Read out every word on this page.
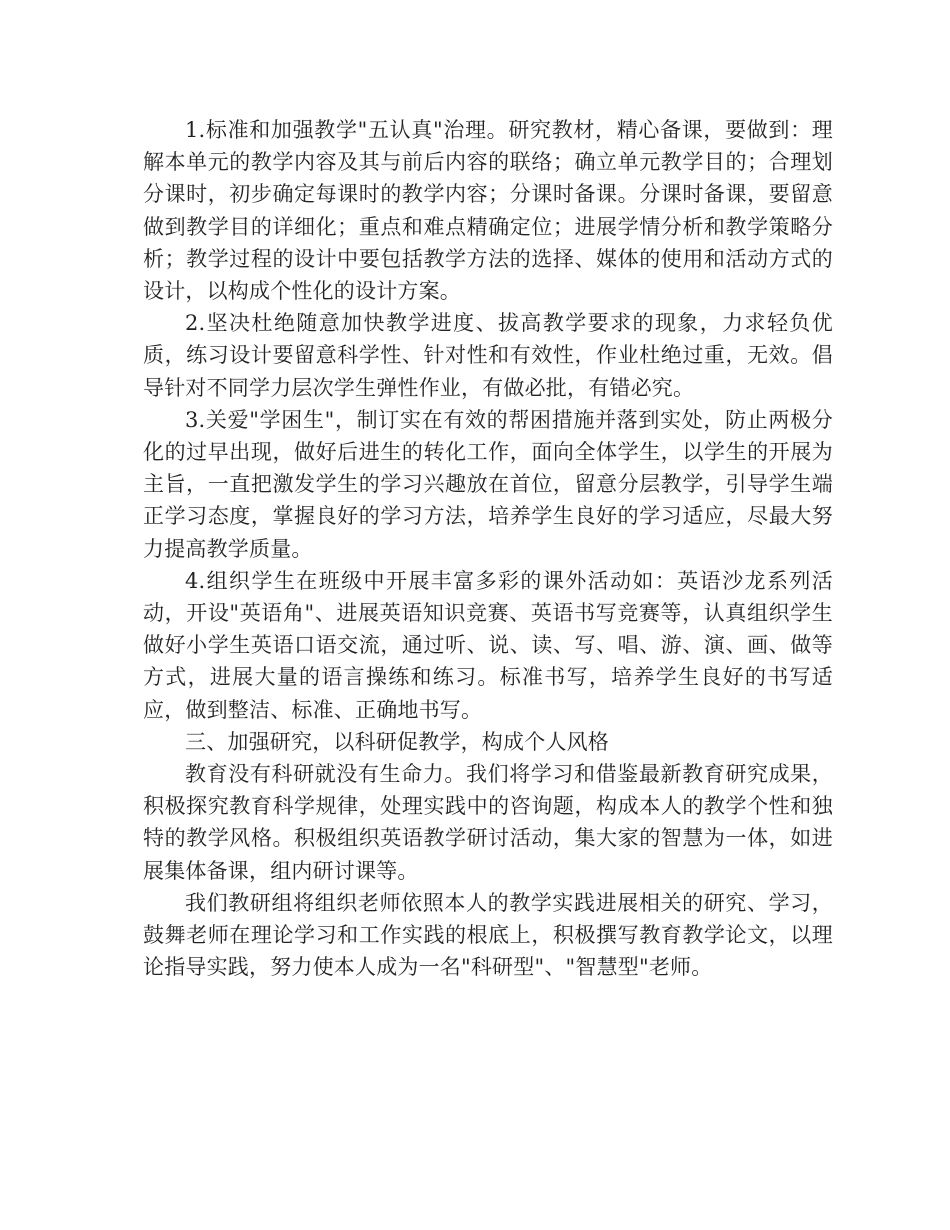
1.标准和加强教学"五认真"治理。研究教材，精心备课，要做到：理解本单元的教学内容及其与前后内容的联络；确立单元教学目的；合理划分课时，初步确定每课时的教学内容；分课时备课。分课时备课，要留意做到教学目的详细化；重点和难点精确定位；进展学情分析和教学策略分析；教学过程的设计中要包括教学方法的选择、媒体的使用和活动方式的设计，以构成个性化的设计方案。

2.坚决杜绝随意加快教学进度、拔高教学要求的现象，力求轻负优质，练习设计要留意科学性、针对性和有效性，作业杜绝过重，无效。倡导针对不同学力层次学生弹性作业，有做必批，有错必究。

3.关爱"学困生"，制订实在有效的帮困措施并落到实处，防止两极分化的过早出现，做好后进生的转化工作，面向全体学生，以学生的开展为主旨，一直把激发学生的学习兴趣放在首位，留意分层教学，引导学生端正学习态度，掌握良好的学习方法，培养学生良好的学习适应，尽最大努力提高教学质量。

4.组织学生在班级中开展丰富多彩的课外活动如：英语沙龙系列活动，开设"英语角"、进展英语知识竞赛、英语书写竞赛等，认真组织学生做好小学生英语口语交流，通过听、说、读、写、唱、游、演、画、做等方式，进展大量的语言操练和练习。标准书写，培养学生良好的书写适应，做到整洁、标准、正确地书写。

三、加强研究，以科研促教学，构成个人风格

教育没有科研就没有生命力。我们将学习和借鉴最新教育研究成果，积极探究教育科学规律，处理实践中的咨询题，构成本人的教学个性和独特的教学风格。积极组织英语教学研讨活动，集大家的智慧为一体，如进展集体备课，组内研讨课等。

我们教研组将组织老师依照本人的教学实践进展相关的研究、学习，鼓舞老师在理论学习和工作实践的根底上，积极撰写教育教学论文，以理论指导实践，努力使本人成为一名"科研型"、"智慧型"老师。
